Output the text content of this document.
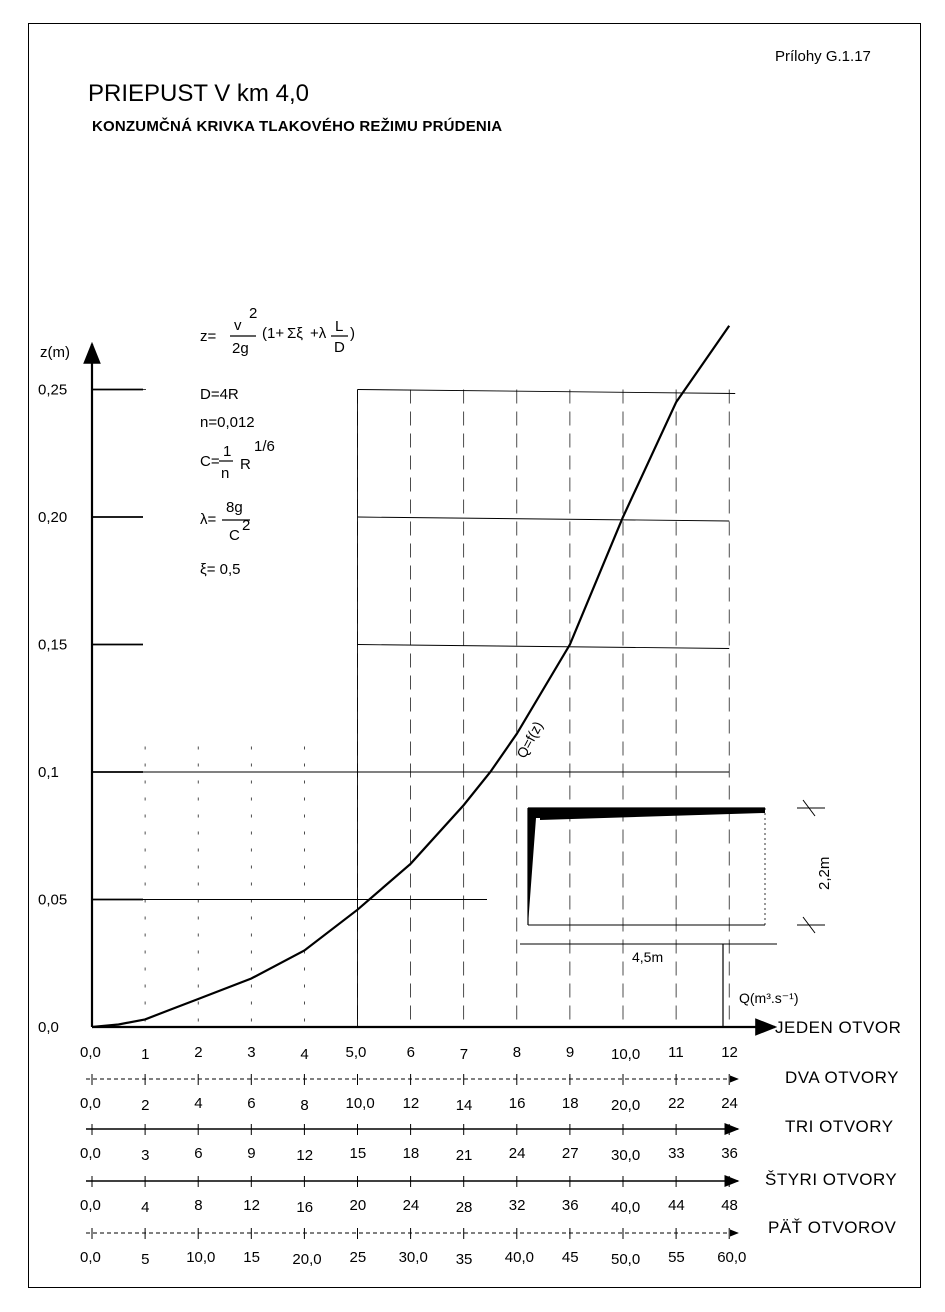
Prílohy G.1.17
PRIEPUST V km 4,0
KONZUMČNÁ KRIVKA TLAKOVÉHO REŽIMU PRÚDENIA
z(m)
0,0
0,05
0,1
0,15
0,20
0,25
z=
v
2
2g
(1+ Σξ +λ L
D
)
D=4R
n=0,012
C=
1
n
R
1/6
λ=
8g
C
2
ξ= 0,5
Q=f(z)
4,5m
2,2m
Q(m³.s⁻¹)
JEDEN OTVOR
0,0	1	2	3	4 5,0	6	7	8	9 10,0 11	12
DVA OTVORY
0,0	2	4	6	8 10,0 12 14 16 18 20,0 22 24
TRI OTVORY
0,0	3	6	9	12 15 18 21 24 27 30,0 33 36
ŠTYRI OTVORY
0,0	4	8	12 16 20 24 28 32 36 40,0 44 48
PÄŤ OTVOROV
0,0	5 10,0 15 20,0 25 30,0 35 40,0 45 50,0 55 60,0
